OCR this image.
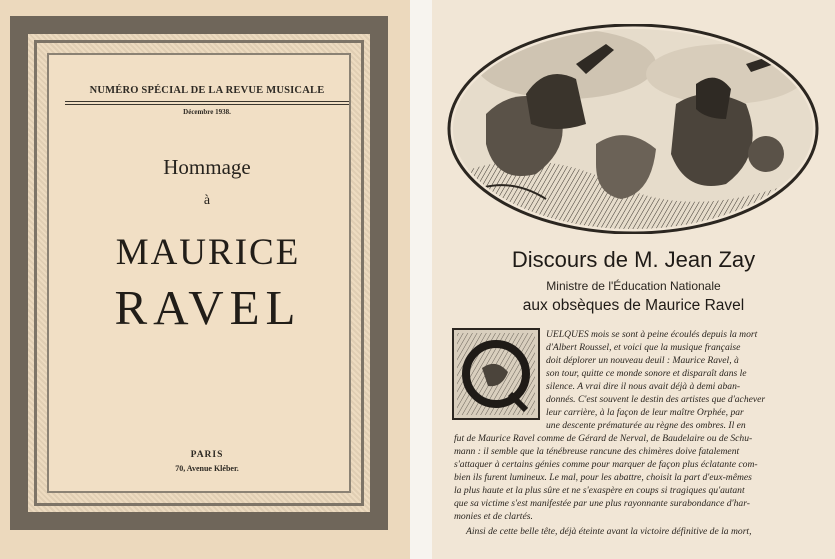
NUMÉRO SPÉCIAL DE LA REVUE MUSICALE
Décembre 1938.
Hommage
à
MAURICE
RAVEL
PARIS
70, Avenue Kléber.
Discours de M. Jean Zay
Ministre de l'Éducation Nationale
aux obsèques de Maurice Ravel
UELQUES mois se sont à peine écoulés depuis la mort
d'Albert Roussel, et voici que la musique française
doit déplorer un nouveau deuil : Maurice Ravel, à
son tour, quitte ce monde sonore et disparaît dans le
silence. A vrai dire il nous avait déjà à demi aban-
donnés. C'est souvent le destin des artistes que d'achever
leur carrière, à la façon de leur maître Orphée, par
une descente prématurée au règne des ombres. Il en
fut de Maurice Ravel comme de Gérard de Nerval, de Baudelaire ou de Schu-
mann : il semble que la ténébreuse rancune des chimères doive fatalement
s'attaquer à certains génies comme pour marquer de façon plus éclatante com-
bien ils furent lumineux. Le mal, pour les abattre, choisit la part d'eux-mêmes
la plus haute et la plus sûre et ne s'exaspère en coups si tragiques qu'autant
que sa victime s'est manifestée par une plus rayonnante surabondance d'har-
monies et de clartés.
Ainsi de cette belle tête, déjà éteinte avant la victoire définitive de la mort,
